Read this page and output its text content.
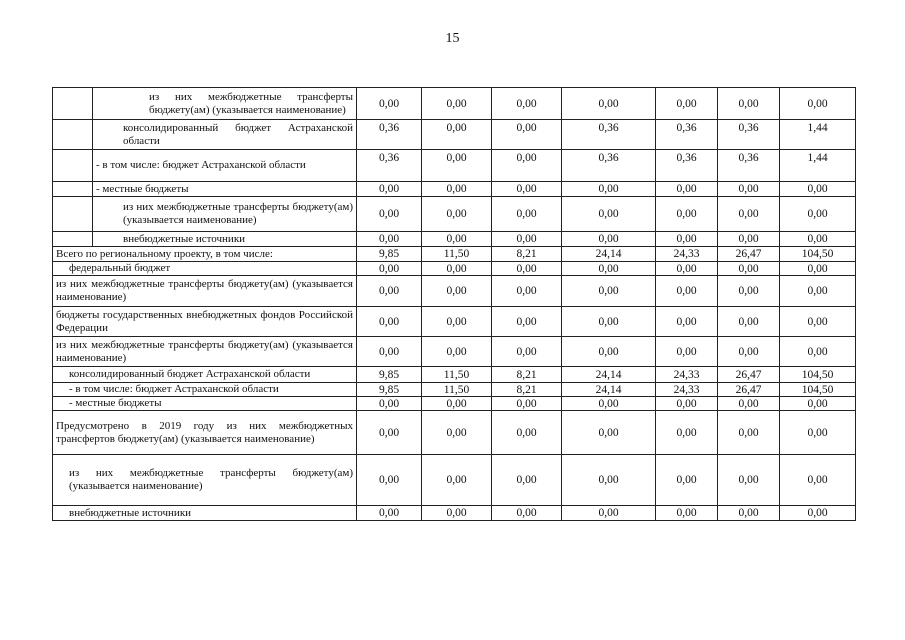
15
	из них межбюджетные трансферты бюджету(ам) (указывается наименование)	0,00	0,00	0,00	0,00	0,00	0,00	0,00
	консолидированный бюджет Астраханской области	0,36	0,00	0,00	0,36	0,36	0,36	1,44
	- в том числе: бюджет Астраханской области	0,36	0,00	0,00	0,36	0,36	0,36	1,44
	- местные бюджеты	0,00	0,00	0,00	0,00	0,00	0,00	0,00
	из них межбюджетные трансферты бюджету(ам) (указывается наименование)	0,00	0,00	0,00	0,00	0,00	0,00	0,00
	внебюджетные источники	0,00	0,00	0,00	0,00	0,00	0,00	0,00
Всего по региональному проекту, в том числе:		9,85	11,50	8,21	24,14	24,33	26,47	104,50
федеральный бюджет		0,00	0,00	0,00	0,00	0,00	0,00	0,00
из них межбюджетные трансферты бюджету(ам) (указывается наименование)		0,00	0,00	0,00	0,00	0,00	0,00	0,00
бюджеты государственных внебюджетных фондов Российской Федерации		0,00	0,00	0,00	0,00	0,00	0,00	0,00
из них межбюджетные трансферты бюджету(ам) (указывается наименование)		0,00	0,00	0,00	0,00	0,00	0,00	0,00
консолидированный бюджет Астраханской области		9,85	11,50	8,21	24,14	24,33	26,47	104,50
- в том числе: бюджет Астраханской области		9,85	11,50	8,21	24,14	24,33	26,47	104,50
- местные бюджеты		0,00	0,00	0,00	0,00	0,00	0,00	0,00
Предусмотрено в 2019 году из них межбюджетных трансфертов бюджету(ам) (указывается наименование)		0,00	0,00	0,00	0,00	0,00	0,00	0,00
из них межбюджетные трансферты бюджету(ам) (указывается наименование)		0,00	0,00	0,00	0,00	0,00	0,00	0,00
внебюджетные источники		0,00	0,00	0,00	0,00	0,00	0,00	0,00
